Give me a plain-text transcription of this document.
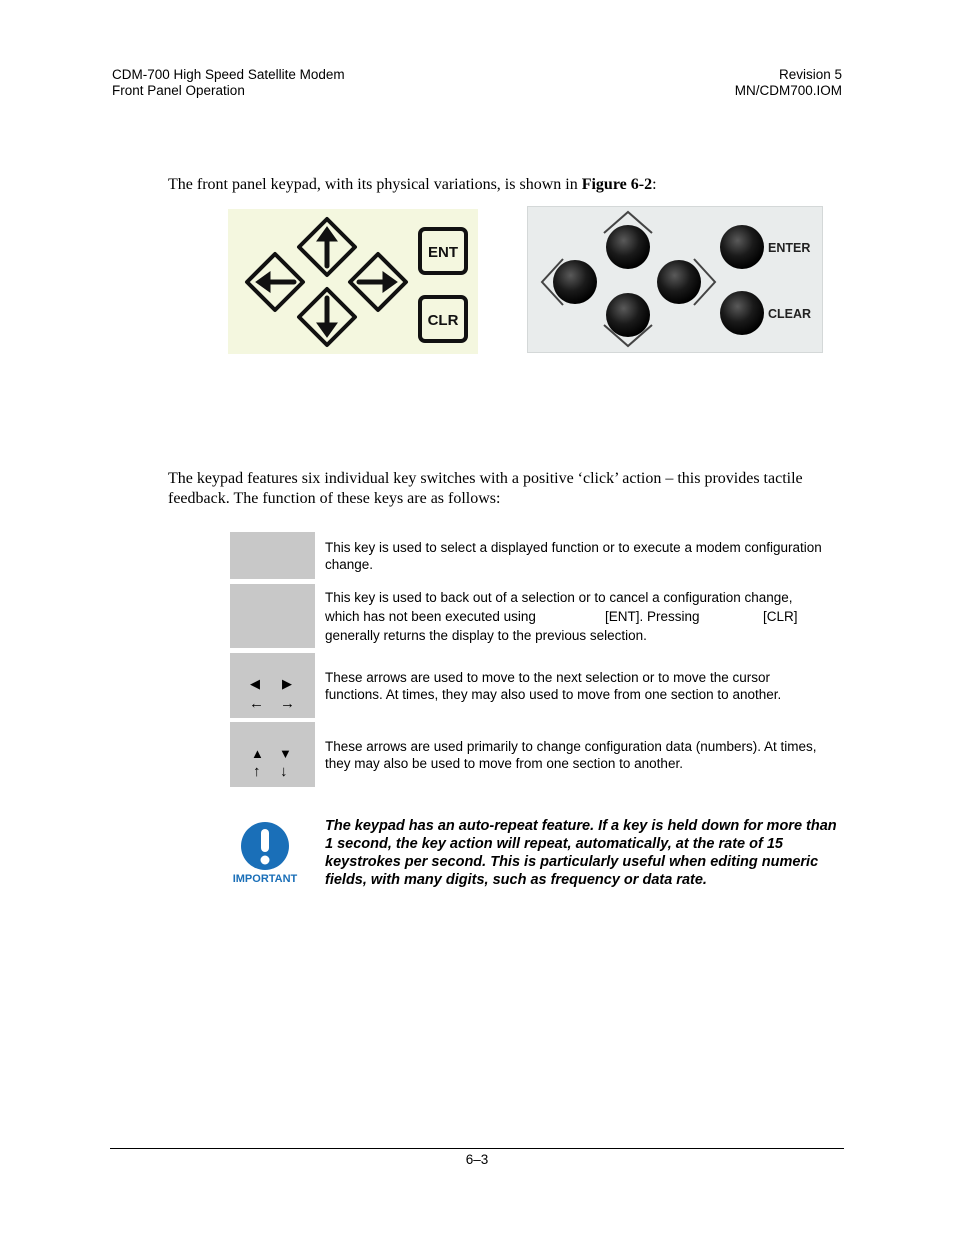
CDM-700 High Speed Satellite Modem
Front Panel Operation
Revision 5
MN/CDM700.IOM
The front panel keypad, with its physical variations, is shown in Figure 6-2:
ENT
CLR
ENTER
CLEAR
The keypad features six individual key switches with a positive ‘click’ action – this provides tactile feedback. The function of these keys are as follows:
This key is used to select a displayed function or to execute a modem configuration change.
This key is used to back out of a selection or to cancel a configuration change,
which has not been executed using	[ENT]. Pressing	[CLR]
generally returns the display to the previous selection.
◀ ▶
← →
These arrows are used to move to the next selection or to move the cursor functions. At times, they may also used to move from one section to another.
▲ ▼
↑ ↓
These arrows are used primarily to change configuration data (numbers). At times, they may also be used to move from one section to another.
IMPORTANT
The keypad has an auto-repeat feature. If a key is held down for more than 1 second, the key action will repeat, automatically, at the rate of 15 keystrokes per second. This is particularly useful when editing numeric fields, with many digits, such as frequency or data rate.
6–3
